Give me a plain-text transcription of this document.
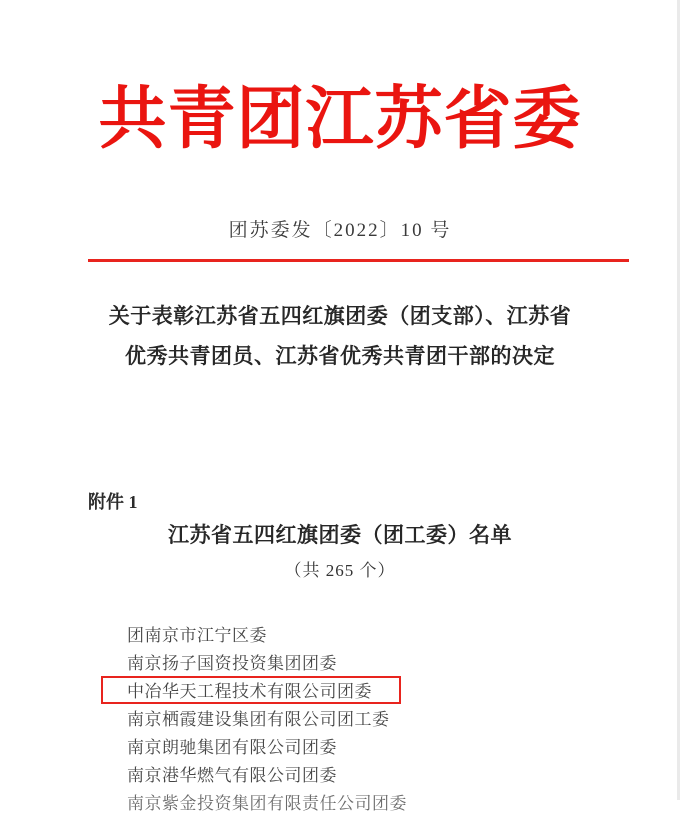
共青团江苏省委
团苏委发〔2022〕10 号
关于表彰江苏省五四红旗团委（团支部）、江苏省
优秀共青团员、江苏省优秀共青团干部的决定
附件 1
江苏省五四红旗团委（团工委）名单
（共 265 个）
团南京市江宁区委
南京扬子国资投资集团团委
中冶华天工程技术有限公司团委
南京栖霞建设集团有限公司团工委
南京朗驰集团有限公司团委
南京港华燃气有限公司团委
南京紫金投资集团有限责任公司团委
